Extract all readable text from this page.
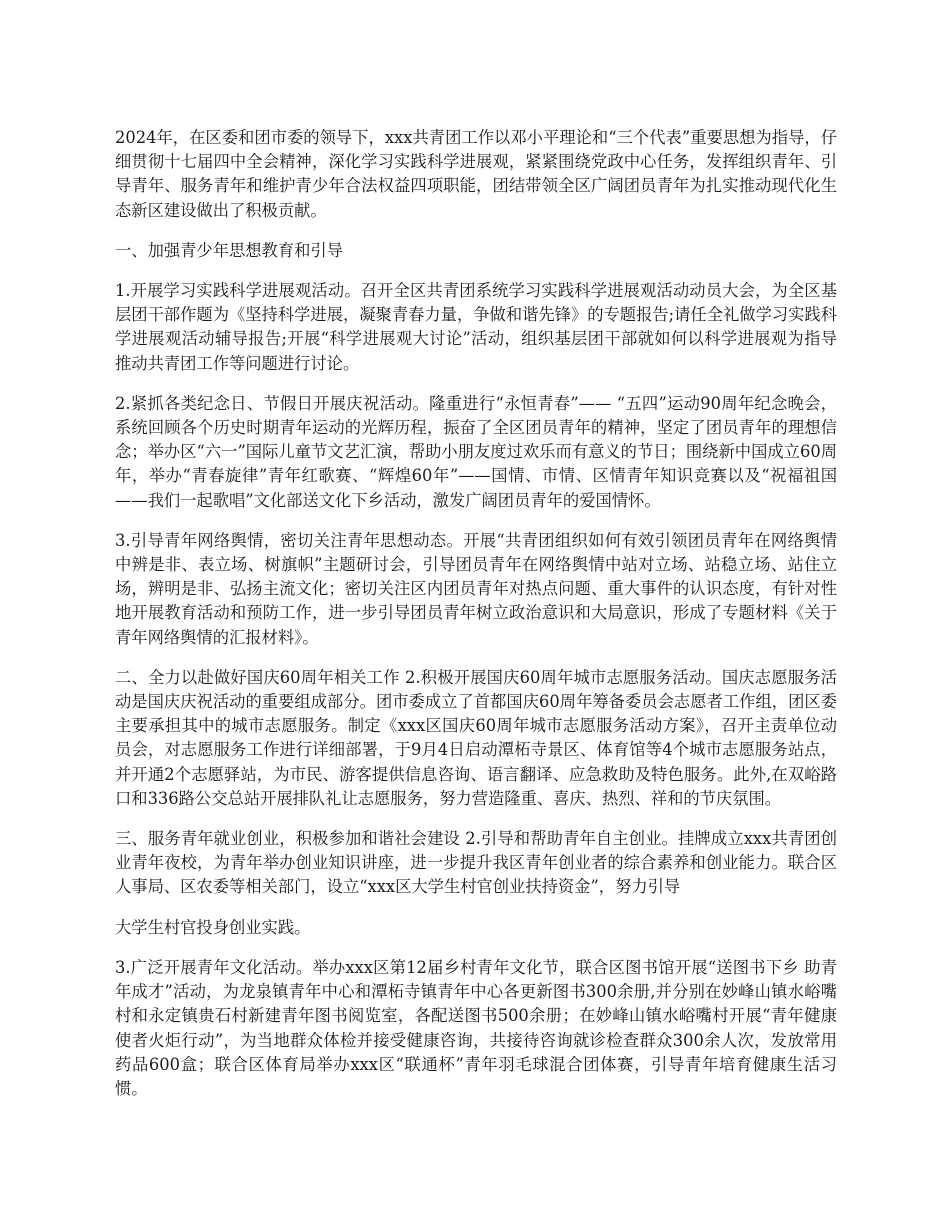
2024年，在区委和团市委的领导下，xxx共青团工作以邓小平理论和“三个代表”重要思想为指导，仔细贯彻十七届四中全会精神，深化学习实践科学进展观，紧紧围绕党政中心任务，发挥组织青年、引导青年、服务青年和维护青少年合法权益四项职能，团结带领全区广阔团员青年为扎实推动现代化生态新区建设做出了积极贡献。

一、加强青少年思想教育和引导

1.开展学习实践科学进展观活动。召开全区共青团系统学习实践科学进展观活动动员大会，为全区基层团干部作题为《坚持科学进展，凝聚青春力量，争做和谐先锋》的专题报告;请任全礼做学习实践科学进展观活动辅导报告;开展“科学进展观大讨论”活动，组织基层团干部就如何以科学进展观为指导推动共青团工作等问题进行讨论。

2.紧抓各类纪念日、节假日开展庆祝活动。隆重进行“永恒青春”—— “五四”运动90周年纪念晚会，系统回顾各个历史时期青年运动的光辉历程，振奋了全区团员青年的精神，坚定了团员青年的理想信念；举办区“六一”国际儿童节文艺汇演，帮助小朋友度过欢乐而有意义的节日；围绕新中国成立60周年，举办“青春旋律”青年红歌赛、“辉煌60年”——国情、市情、区情青年知识竞赛以及“祝福祖国——我们一起歌唱”文化部送文化下乡活动，激发广阔团员青年的爱国情怀。

3.引导青年网络舆情，密切关注青年思想动态。开展“共青团组织如何有效引领团员青年在网络舆情中辨是非、表立场、树旗帜”主题研讨会，引导团员青年在网络舆情中站对立场、站稳立场、站住立场，辨明是非、弘扬主流文化；密切关注区内团员青年对热点问题、重大事件的认识态度，有针对性地开展教育活动和预防工作，进一步引导团员青年树立政治意识和大局意识，形成了专题材料《关于青年网络舆情的汇报材料》。

二、全力以赴做好国庆60周年相关工作 2.积极开展国庆60周年城市志愿服务活动。国庆志愿服务活动是国庆庆祝活动的重要组成部分。团市委成立了首都国庆60周年筹备委员会志愿者工作组，团区委主要承担其中的城市志愿服务。制定《xxx区国庆60周年城市志愿服务活动方案》，召开主责单位动员会，对志愿服务工作进行详细部署，于9月4日启动潭柘寺景区、体育馆等4个城市志愿服务站点，并开通2个志愿驿站，为市民、游客提供信息咨询、语言翻译、应急救助及特色服务。此外,在双峪路口和336路公交总站开展排队礼让志愿服务，努力营造隆重、喜庆、热烈、祥和的节庆氛围。

三、服务青年就业创业，积极参加和谐社会建设 2.引导和帮助青年自主创业。挂牌成立xxx共青团创业青年夜校，为青年举办创业知识讲座，进一步提升我区青年创业者的综合素养和创业能力。联合区人事局、区农委等相关部门，设立“xxx区大学生村官创业扶持资金”，努力引导

大学生村官投身创业实践。

3.广泛开展青年文化活动。举办xxx区第12届乡村青年文化节，联合区图书馆开展“送图书下乡 助青年成才”活动，为龙泉镇青年中心和潭柘寺镇青年中心各更新图书300余册,并分别在妙峰山镇水峪嘴村和永定镇贵石村新建青年图书阅览室，各配送图书500余册；在妙峰山镇水峪嘴村开展“青年健康使者火炬行动”，为当地群众体检并接受健康咨询，共接待咨询就诊检查群众300余人次，发放常用药品600盒；联合区体育局举办xxx区“联通杯”青年羽毛球混合团体赛，引导青年培育健康生活习惯。
